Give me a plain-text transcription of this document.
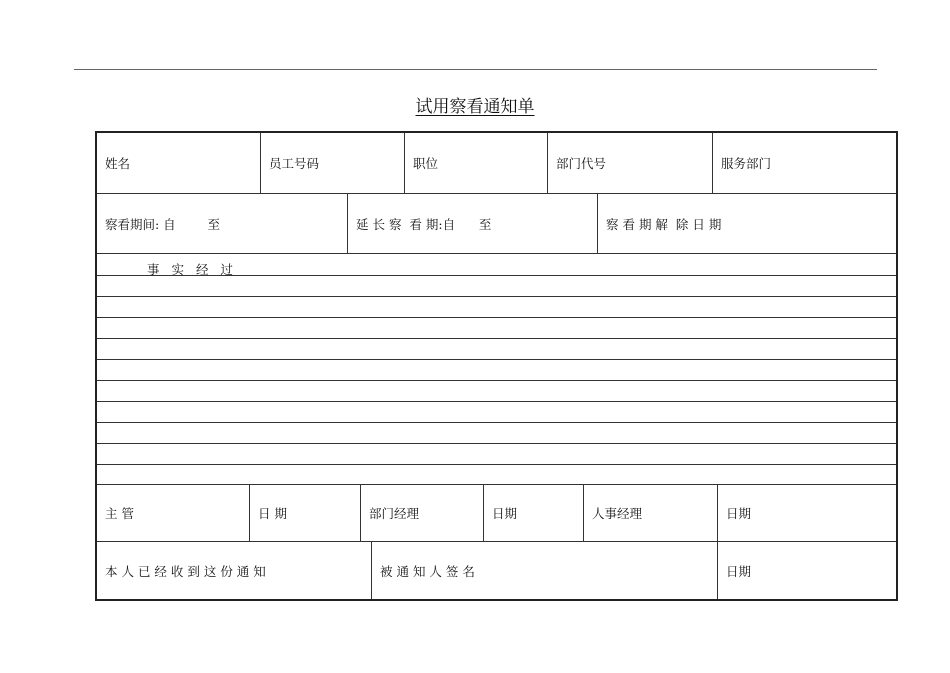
试用察看通知单
姓名	员工号码	职位	部门代号	服务部门
察看期间: 自        至	延 长 察  看 期:自      至	察 看 期 解  除 日 期
事 实 经 过
主 管	日 期	部门经理	日期	人事经理	日期
本 人 已 经 收 到 这 份 通 知	被 通 知 人 签 名	日期
